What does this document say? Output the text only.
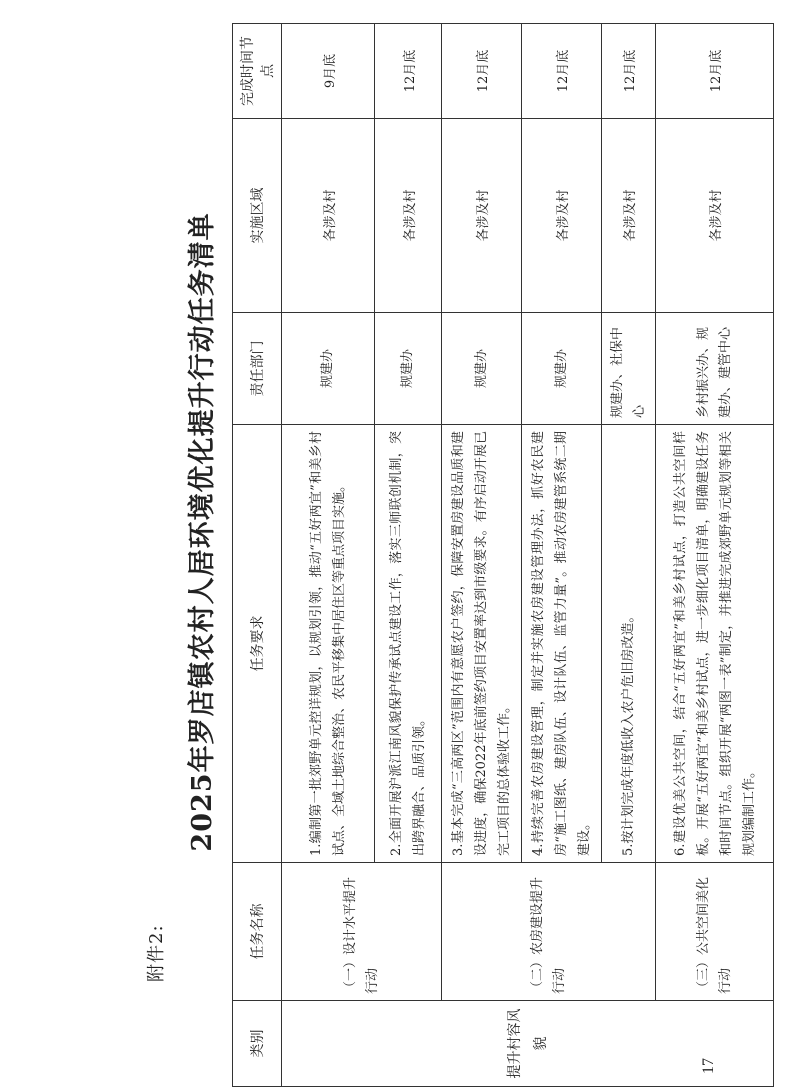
附件2:
2025年罗店镇农村人居环境优化提升行动任务清单
类别	任务名称	任务要求	责任部门	实施区域	完成时间节点
提升村容风貌	（一）设计水平提升行动	1.编制第一批郊野单元控详规划，以规划引领，推动“五好两宜”和美乡村试点、全域土地综合整治、农民平移集中居住区等重点项目实施。	规建办	各涉及村	9月底
		2.全面开展沪派江南风貌保护传承试点建设工作，落实三师联创机制，突出跨界融合、品质引领。	规建办	各涉及村	12月底
	（二）农房建设提升行动	3.基本完成“三高两区”范围内有意愿农户签约，保障安置房建设品质和建设进度，确保2022年底前签约项目安置率达到市级要求。有序启动开展已完工项目的总体验收工作。	规建办	各涉及村	12月底
		4.持续完善农房建设管理，制定并实施农房建设管理办法，抓好农民建房“施工图纸、建房队伍、设计队伍、监管力量”。推动农房建管系统二期建设。	规建办	各涉及村	12月底
		5.按计划完成年度低收入农户危旧房改造。	规建办、社保中心	各涉及村	12月底
	（三）公共空间美化行动	6.建设优美公共空间，结合“五好两宜”和美乡村试点，打造公共空间样板。开展“五好两宜”和美乡村试点，进一步细化项目清单，明确建设任务和时间节点。组织开展“两图一表”制定，并推进完成郊野单元规划等相关规划编制工作。	乡村振兴办、规建办、建管中心	各涉及村	12月底
17
